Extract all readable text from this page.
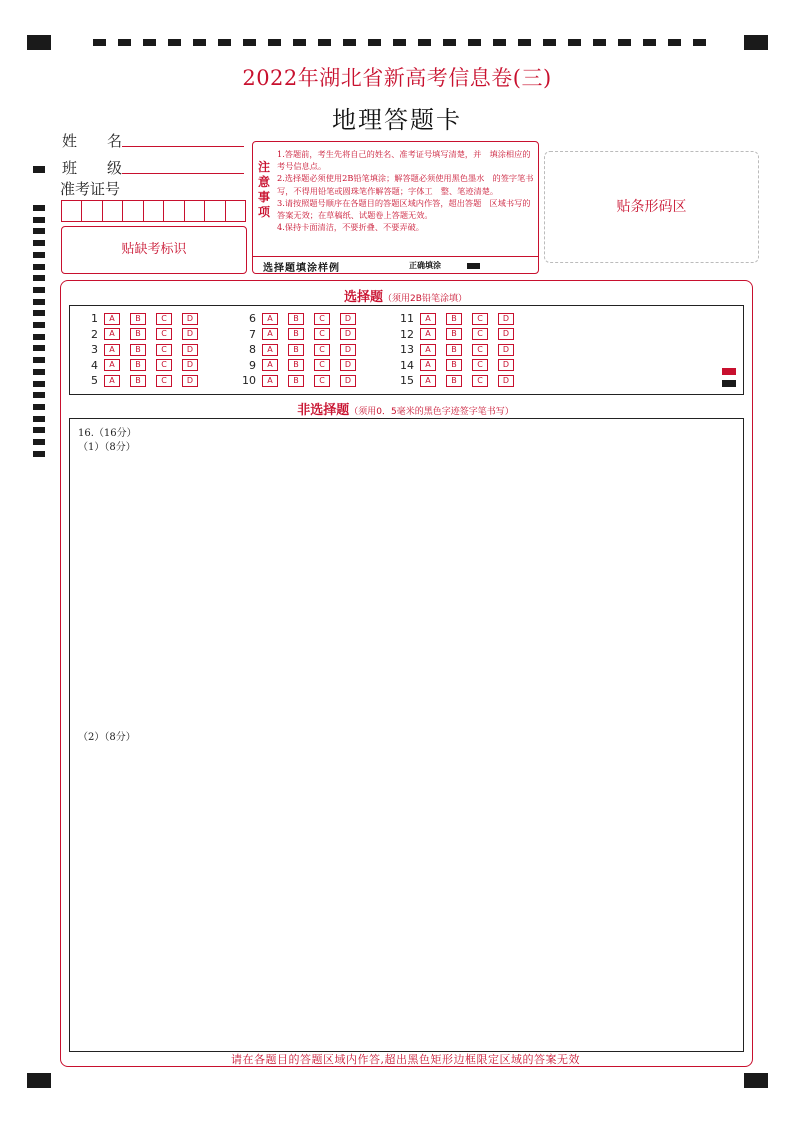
2022年湖北省新高考信息卷(三)
地理答题卡
姓　　名
班　　级
准考证号
贴缺考标识
注
意
事
项

1.答题前，考生先将自己的姓名、准考证号填写清楚，并　填涂相应的考号信息点。

2.选择题必须使用2B铅笔填涂；解答题必须使用黑色墨水　的签字笔书写，不得用铅笔或圆珠笔作解答题；字体工　整、笔迹清楚。

3.请按照题号顺序在各题目的答题区域内作答，超出答题　区域书写的答案无效；在草稿纸、试题卷上答题无效。

4.保持卡面清洁，不要折叠、不要弄破。

选择题填涂样例	正确填涂
贴条形码区
选择题（须用2B铅笔涂填）
1	A	B	C	D
2	A	B	C	D
3	A	B	C	D
4	A	B	C	D
5	A	B	C	D
6	A	B	C	D
7	A	B	C	D
8	A	B	C	D
9	A	B	C	D
10	A	B	C	D
11	A	B	C	D
12	A	B	C	D
13	A	B	C	D
14	A	B	C	D
15	A	B	C	D
非选择题（须用0．5毫米的黑色字迹签字笔书写）
16.（16分）
（1）（8分）
（2）（8分）
请在各题目的答题区域内作答,超出黑色矩形边框限定区域的答案无效
